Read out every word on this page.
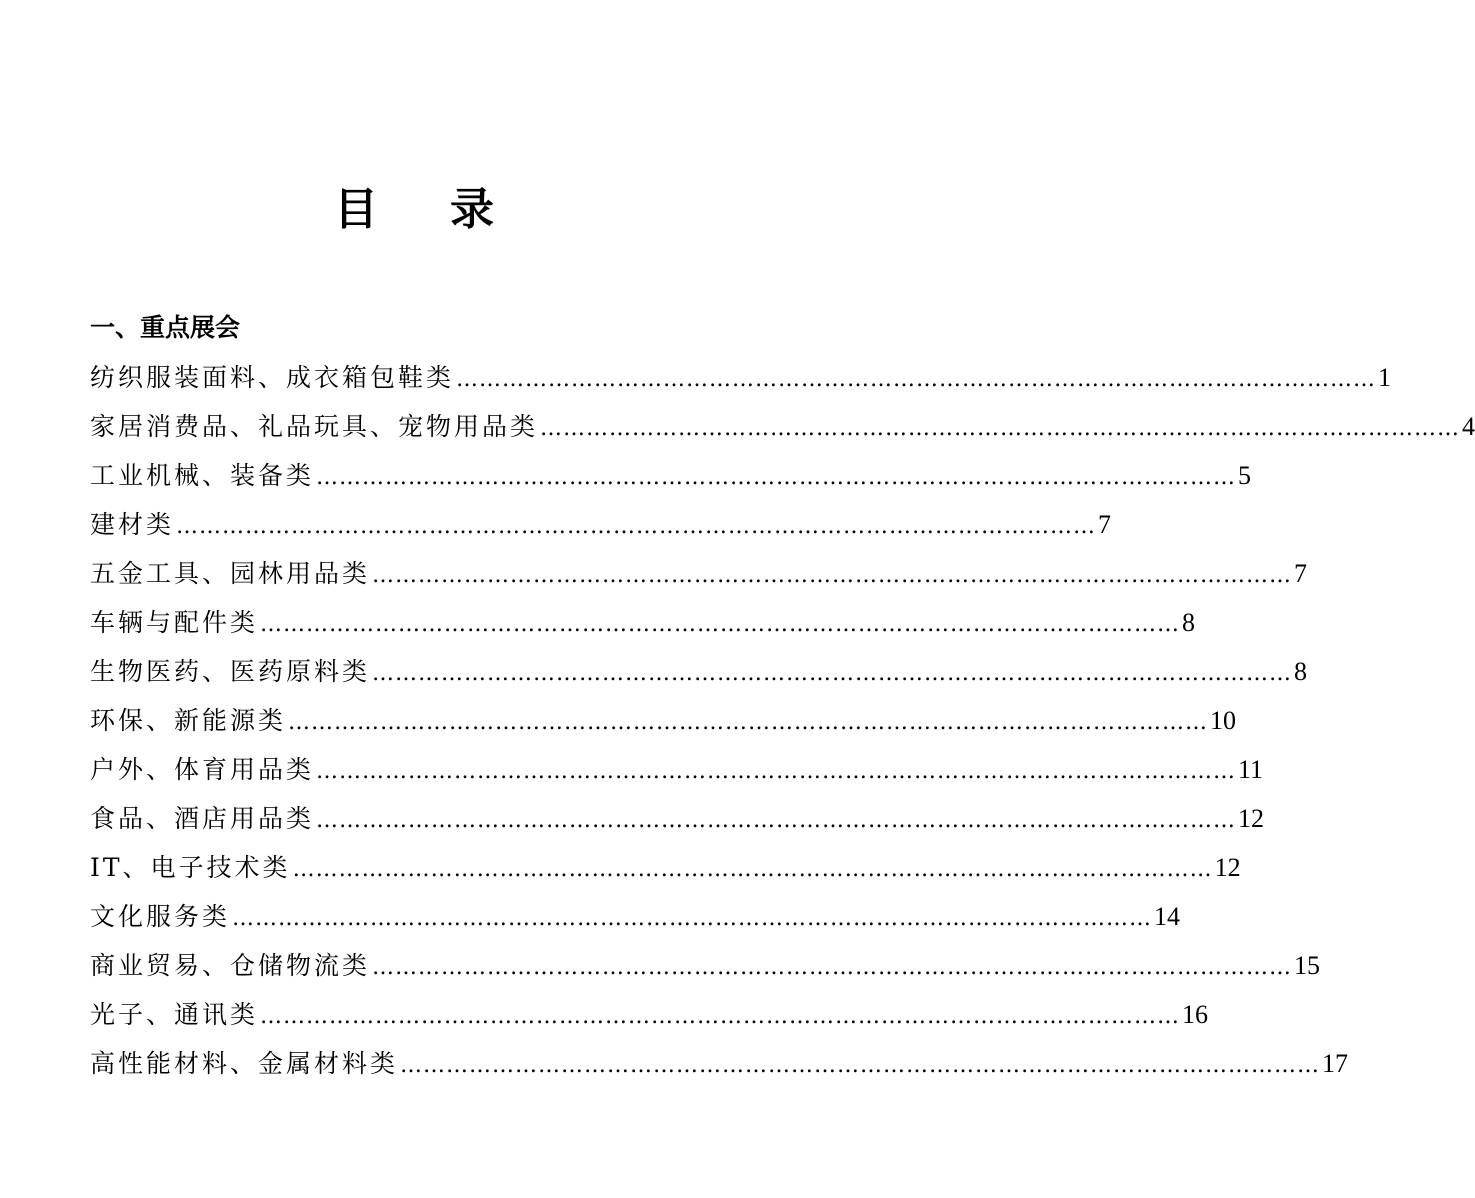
目 录
一、重点展会
纺织服装面料、成衣箱包鞋类 ………………………………………………………………………………………………………… 1
家居消费品、礼品玩具、宠物用品类 ………………………………………………………………………………………………………… 4
工业机械、装备类 ………………………………………………………………………………………………………… 5
建材类 ………………………………………………………………………………………………………… 7
五金工具、园林用品类 ………………………………………………………………………………………………………… 7
车辆与配件类 ………………………………………………………………………………………………………… 8
生物医药、医药原料类 ………………………………………………………………………………………………………… 8
环保、新能源类 ………………………………………………………………………………………………………… 10
户外、体育用品类 ………………………………………………………………………………………………………… 11
食品、酒店用品类 ………………………………………………………………………………………………………… 12
IT、电子技术类 ………………………………………………………………………………………………………… 12
文化服务类 ………………………………………………………………………………………………………… 14
商业贸易、仓储物流类 ………………………………………………………………………………………………………… 15
光子、通讯类 ………………………………………………………………………………………………………… 16
高性能材料、金属材料类 ………………………………………………………………………………………………………… 17
